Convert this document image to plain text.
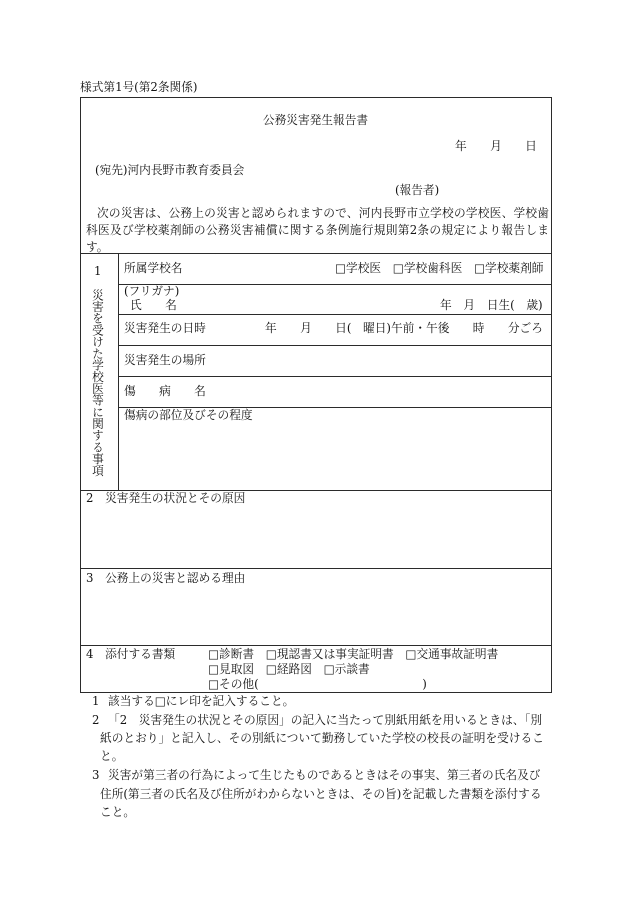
様式第1号(第2条関係)
公務災害発生報告書
年　　月　　日
(宛先)河内長野市教育委員会
(報告者)
次の災害は、公務上の災害と認められますので、河内長野市立学校の学校医、学校歯
科医及び学校薬剤師の公務災害補償に関する条例施行規則第2条の規定により報告しま
す。
1
災害を受けた学校医等に関する事項
所属学校名	□学校医 □学校歯科医 □学校薬剤師
(フリガナ)
氏　　名	年　月　日生(　歳)
災害発生の日時	年　　月　　日(　曜日)午前・午後　　時　　分ごろ
災害発生の場所
傷　　病　　名
傷病の部位及びその程度
2　災害発生の状況とその原因
3　公務上の災害と認める理由
4　添付する書類	□診断書 □現認書又は事実証明書 □交通事故証明書
□見取図 □経路図 □示談書
□その他(　　　　　　　　　　　　　　)
1 該当する□にレ印を記入すること。
2 「2　災害発生の状況とその原因」の記入に当たって別紙用紙を用いるときは、「別
紙のとおり」と記入し、その別紙について勤務していた学校の校長の証明を受けるこ
と。
3 災害が第三者の行為によって生じたものであるときはその事実、第三者の氏名及び
住所(第三者の氏名及び住所がわからないときは、その旨)を記載した書類を添付する
こと。
